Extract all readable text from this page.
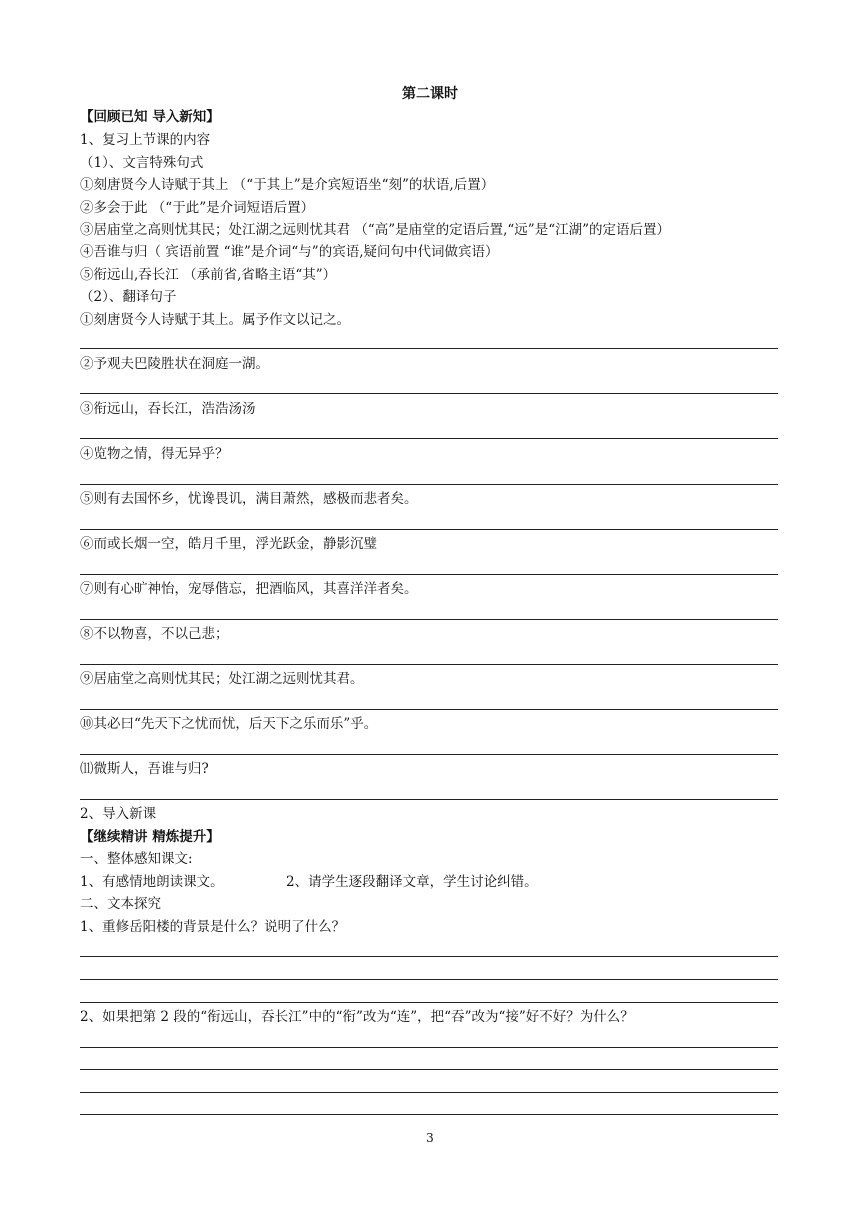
第二课时
【回顾已知 导入新知】
1、复习上节课的内容
（1）、文言特殊句式
①刻唐贤今人诗赋于其上 （“于其上”是介宾短语坐“刻”的状语,后置）
②多会于此 （“于此”是介词短语后置）
③居庙堂之高则忧其民；处江湖之远则忧其君 （“高”是庙堂的定语后置,“远”是“江湖”的定语后置）
④吾谁与归（ 宾语前置 “谁”是介词“与”的宾语,疑问句中代词做宾语）
⑤衔远山,吞长江 （承前省,省略主语“其”）
（2）、翻译句子
①刻唐贤今人诗赋于其上。属予作文以记之。
②予观夫巴陵胜状在洞庭一湖。
③衔远山，吞长江，浩浩汤汤
④览物之情，得无异乎？
⑤则有去国怀乡，忧谗畏讥，满目萧然，感极而悲者矣。
⑥而或长烟一空，皓月千里，浮光跃金，静影沉璧
⑦则有心旷神怡，宠辱偕忘，把酒临风，其喜洋洋者矣。
⑧不以物喜，不以己悲；
⑨居庙堂之高则忧其民；处江湖之远则忧其君。
⑩其必曰“先天下之忧而忧，后天下之乐而乐”乎。
⑾微斯人，吾谁与归?
2、导入新课
【继续精讲 精炼提升】
一、整体感知课文:
1、有感情地朗读课文。	2、请学生逐段翻译文章，学生讨论纠错。
二、文本探究
1、重修岳阳楼的背景是什么？说明了什么？
2、如果把第 2 段的“衔远山，吞长江”中的“衔”改为“连”，把“吞”改为“接”好不好？为什么？
3
